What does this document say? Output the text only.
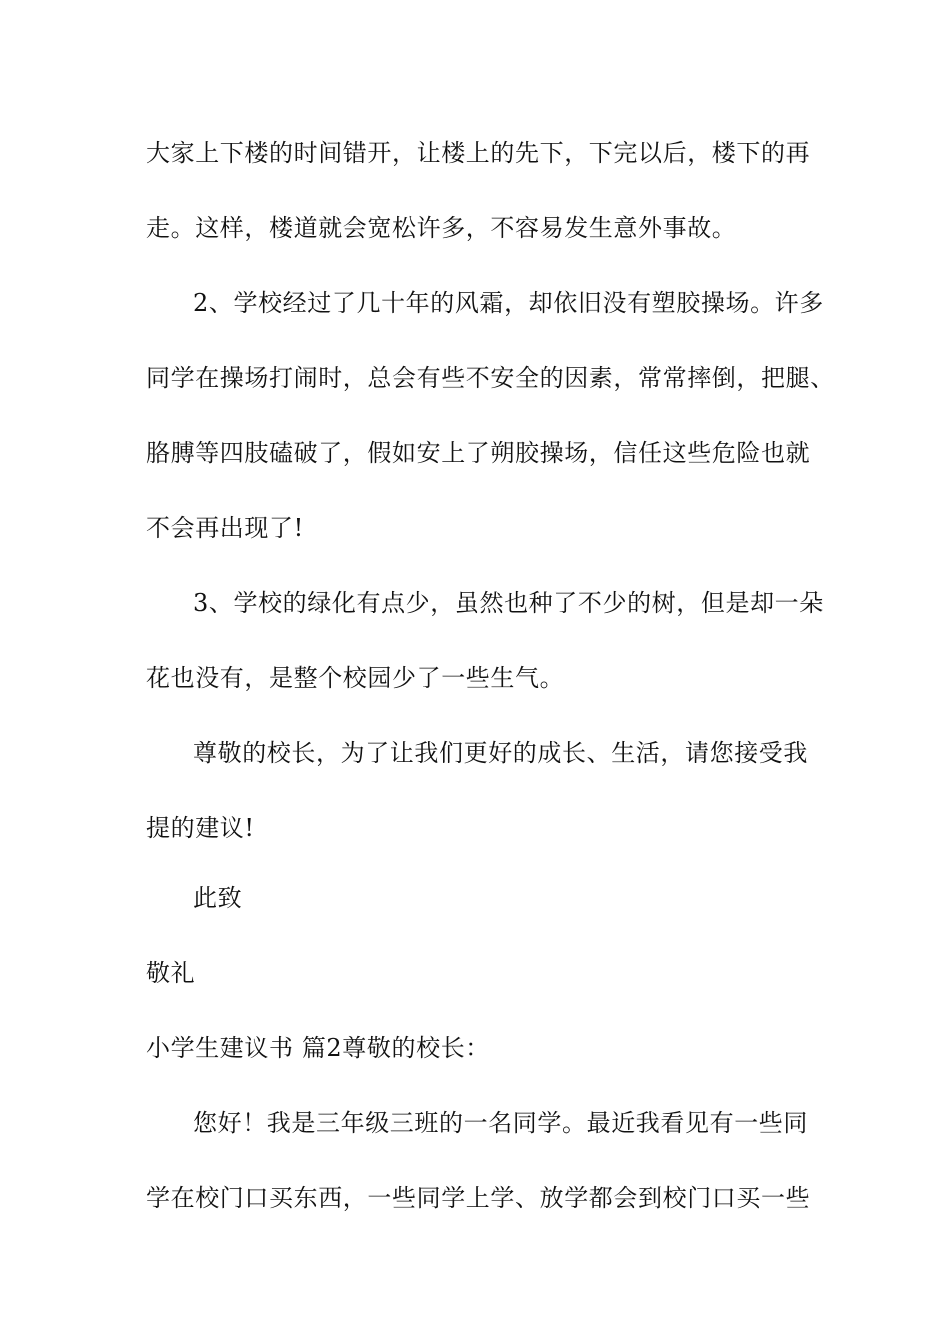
大家上下楼的时间错开，让楼上的先下，下完以后，楼下的再
走。这样，楼道就会宽松许多，不容易发生意外事故。
2、学校经过了几十年的风霜，却依旧没有塑胶操场。许多
同学在操场打闹时，总会有些不安全的因素，常常摔倒，把腿、
胳膊等四肢磕破了，假如安上了朔胶操场，信任这些危险也就
不会再出现了!
3、学校的绿化有点少，虽然也种了不少的树，但是却一朵
花也没有，是整个校园少了一些生气。
尊敬的校长，为了让我们更好的成长、生活，请您接受我
提的建议!
此致
敬礼
小学生建议书 篇2尊敬的校长：
您好！我是三年级三班的一名同学。最近我看见有一些同
学在校门口买东西，一些同学上学、放学都会到校门口买一些
